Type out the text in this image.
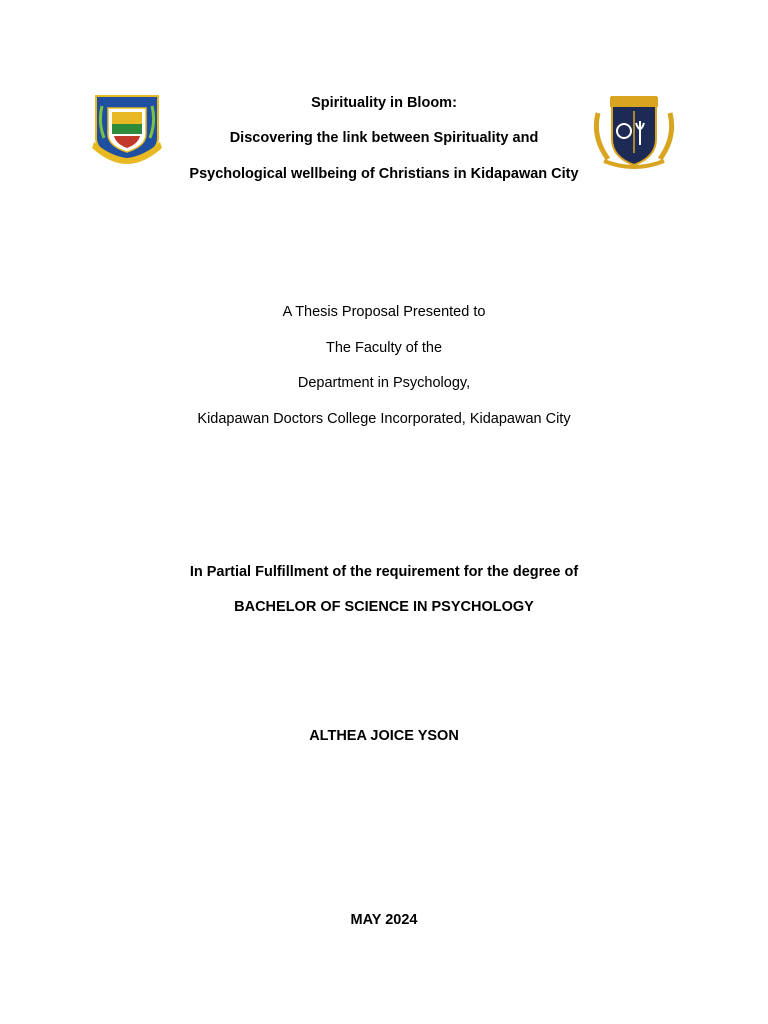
Spirituality in Bloom:
Discovering the link between Spirituality and
Psychological wellbeing of Christians in Kidapawan City
A Thesis Proposal Presented to
The Faculty of the
Department in Psychology,
Kidapawan Doctors College Incorporated, Kidapawan City
In Partial Fulfillment of the requirement for the degree of
BACHELOR OF SCIENCE IN PSYCHOLOGY
ALTHEA JOICE YSON
MAY 2024
